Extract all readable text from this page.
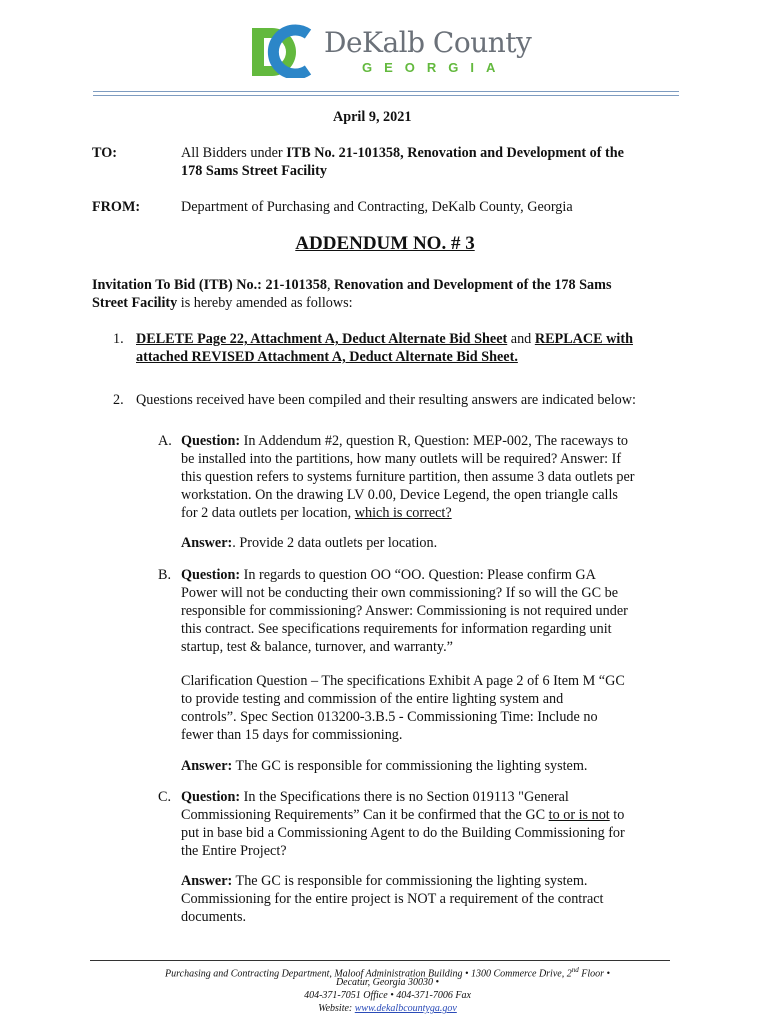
DeKalb County
GEORGIA
April 9, 2021
TO:	All Bidders under ITB No. 21-101358, Renovation and Development of the
178 Sams Street Facility
FROM:	Department of Purchasing and Contracting, DeKalb County, Georgia
ADDENDUM NO. # 3
Invitation To Bid (ITB) No.: 21-101358, Renovation and Development of the 178 Sams
Street Facility is hereby amended as follows:
1. DELETE Page 22, Attachment A, Deduct Alternate Bid Sheet and REPLACE with
attached REVISED Attachment A, Deduct Alternate Bid Sheet.
2. Questions received have been compiled and their resulting answers are indicated below:
A. Question: In Addendum #2, question R, Question: MEP-002, The raceways to
be installed into the partitions, how many outlets will be required? Answer: If
this question refers to systems furniture partition, then assume 3 data outlets per
workstation. On the drawing LV 0.00, Device Legend, the open triangle calls
for 2 data outlets per location, which is correct?
Answer:. Provide 2 data outlets per location.
B. Question: In regards to question OO “OO. Question: Please confirm GA
Power will not be conducting their own commissioning? If so will the GC be
responsible for commissioning? Answer: Commissioning is not required under
this contract. See specifications requirements for information regarding unit
startup, test & balance, turnover, and warranty.”
Clarification Question – The specifications Exhibit A page 2 of 6 Item M “GC
to provide testing and commission of the entire lighting system and
controls”. Spec Section 013200-3.B.5 - Commissioning Time: Include no
fewer than 15 days for commissioning.
Answer: The GC is responsible for commissioning the lighting system.
C. Question: In the Specifications there is no Section 019113 "General
Commissioning Requirements” Can it be confirmed that the GC to or is not to
put in base bid a Commissioning Agent to do the Building Commissioning for
the Entire Project?
Answer: The GC is responsible for commissioning the lighting system.
Commissioning for the entire project is NOT a requirement of the contract
documents.
Purchasing and Contracting Department, Maloof Administration Building • 1300 Commerce Drive, 2nd Floor •
Decatur, Georgia 30030 •
404-371-7051 Office • 404-371-7006 Fax
Website: www.dekalbcountyga.gov
